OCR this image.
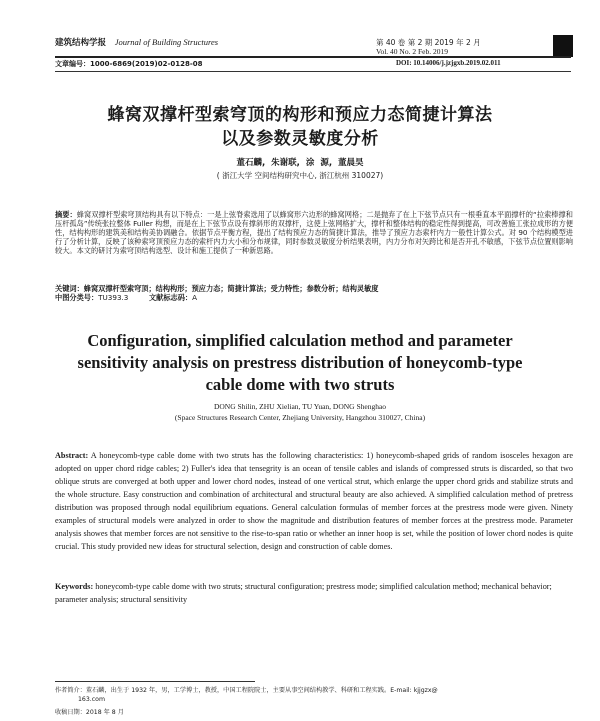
建筑结构学报 Journal of Building Structures	第 40 卷 第 2 期 2019 年 2 月
Vol. 40 No. 2 Feb. 2019
文章编号：1000-6869(2019)02-0128-08	DOI: 10.14006/j.jzjgxb.2019.02.011
蜂窝双撑杆型索穹顶的构形和预应力态简捷计算法
以及参数灵敏度分析
董石麟, 朱谢联, 涂 源, 董晨昊
( 浙江大学 空间结构研究中心, 浙江杭州 310027)
摘要：蜂窝双撑杆型索穹顶结构具有以下特点：一是上弦脊索选用了以蜂窝形六边形的蜂窝网格；二是抛弃了在上下弦节点只有一根垂直本平面撑杆的“拉索棒撑和压杆孤岛”传统张拉整体 Fuller 构想，而是在上下弦节点设有撑斜形的双撑杆，这使上弦网格扩大，撑杆和整体结构的稳定性得到提高，可改善施工张拉成形的方便性，结构构形的建筑美和结构美协调融合。依据节点平衡方程，提出了结构预应力态的简捷计算法，推导了预应力态索杆内力一般性计算公式。对 90 个结构模型进行了分析计算，反映了该种索穹顶预应力态的索杆内力大小和分布规律，同时参数灵敏度分析结果表明，内力分布对矢跨比和是否开孔不敏感，下弦节点位置则影响较大。本文的研讨为索穹顶结构选型、设计和施工提供了一种新思路。
关键词：蜂窝双撑杆型索穹顶；结构构形；预应力态；简捷计算法；受力特性；参数分析；结构灵敏度
中图分类号：TU393.3	文献标志码：A
Configuration, simplified calculation method and parameter sensitivity analysis on prestress distribution of honeycomb-type cable dome with two struts
DONG Shilin, ZHU Xielian, TU Yuan, DONG Shenghao
(Space Structures Research Center, Zhejiang University, Hangzhou 310027, China)
Abstract: A honeycomb-type cable dome with two struts has the following characteristics: 1) honeycomb-shaped grids of random isosceles hexagon are adopted on upper chord ridge cables; 2) Fuller's idea that tensegrity is an ocean of tensile cables and islands of compressed struts is discarded, so that two oblique struts are converged at both upper and lower chord nodes, instead of one vertical strut, which enlarge the upper chord grids and stabilize struts and the whole structure. Easy construction and combination of architectural and structural beauty are also achieved. A simplified calculation method of pretress distribution was proposed through nodal equilibrium equations. General calculation formulas of member forces at the prestress mode were given. Ninety examples of structural models were analyzed in order to show the magnitude and distribution features of member forces at the prestress mode. Parameter analysis showes that member forces are not sensitive to the rise-to-span ratio or whether an inner hoop is set, while the position of lower chord nodes is quite crucial. This study provided new ideas for structural selection, design and construction of cable domes.
Keywords: honeycomb-type cable dome with two struts; structural configuration; prestress mode; simplified calculation method; mechanical behavior; parameter analysis; structural sensitivity
作者简介：董石麟，出生于 1932 年，男，工学博士，教授，中国工程院院士，主要从事空间结构教学、科研和工程实践。E-mail: kjjgzx@
163.com
收稿日期：2018 年 8 月
